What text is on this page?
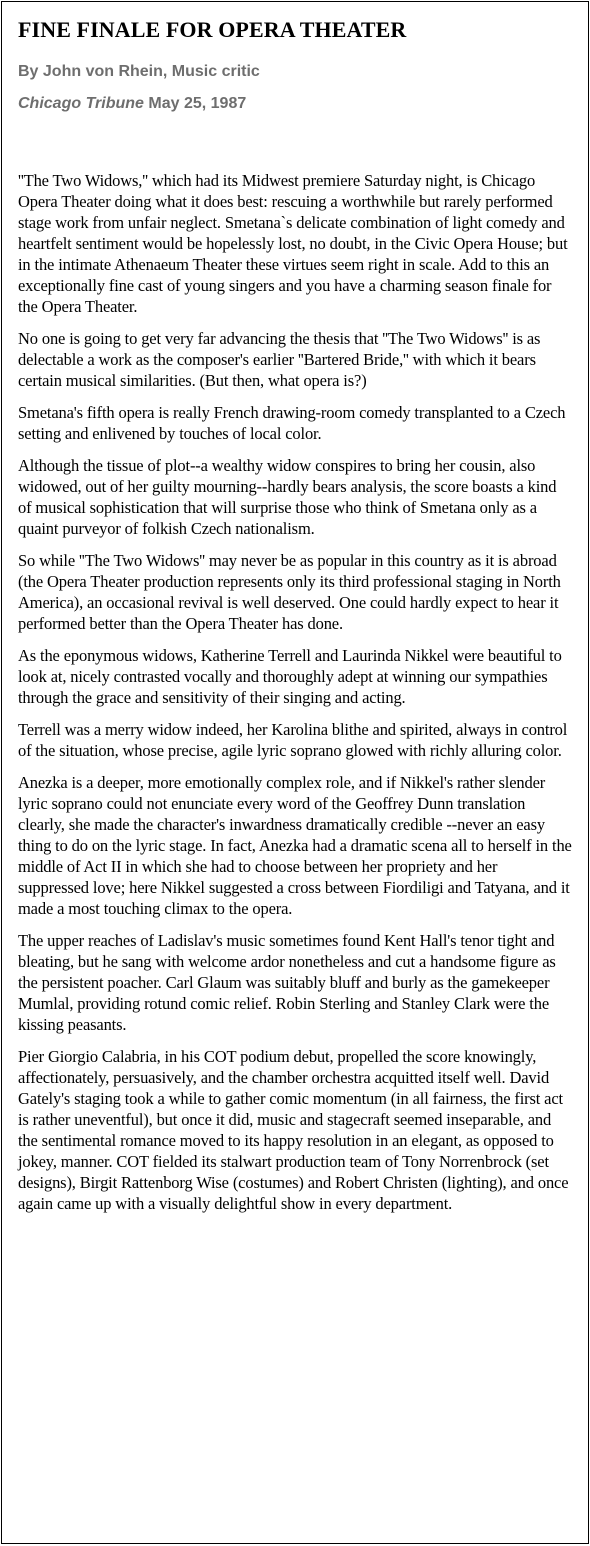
FINE FINALE FOR OPERA THEATER
By John von Rhein, Music critic
Chicago Tribune May 25, 1987

''The Two Widows,'' which had its Midwest premiere Saturday night, is Chicago Opera Theater doing what it does best: rescuing a worthwhile but rarely performed stage work from unfair neglect. Smetana`s delicate combination of light comedy and heartfelt sentiment would be hopelessly lost, no doubt, in the Civic Opera House; but in the intimate Athenaeum Theater these virtues seem right in scale. Add to this an exceptionally fine cast of young singers and you have a charming season finale for the Opera Theater.

No one is going to get very far advancing the thesis that ''The Two Widows'' is as delectable a work as the composer's earlier ''Bartered Bride,'' with which it bears certain musical similarities. (But then, what opera is?)

Smetana's fifth opera is really French drawing-room comedy transplanted to a Czech setting and enlivened by touches of local color.

Although the tissue of plot--a wealthy widow conspires to bring her cousin, also widowed, out of her guilty mourning--hardly bears analysis, the score boasts a kind of musical sophistication that will surprise those who think of Smetana only as a quaint purveyor of folkish Czech nationalism.

So while ''The Two Widows'' may never be as popular in this country as it is abroad (the Opera Theater production represents only its third professional staging in North America), an occasional revival is well deserved. One could hardly expect to hear it performed better than the Opera Theater has done.

As the eponymous widows, Katherine Terrell and Laurinda Nikkel were beautiful to look at, nicely contrasted vocally and thoroughly adept at winning our sympathies through the grace and sensitivity of their singing and acting.

Terrell was a merry widow indeed, her Karolina blithe and spirited, always in control of the situation, whose precise, agile lyric soprano glowed with richly alluring color.

Anezka is a deeper, more emotionally complex role, and if Nikkel's rather slender lyric soprano could not enunciate every word of the Geoffrey Dunn translation clearly, she made the character's inwardness dramatically credible --never an easy thing to do on the lyric stage. In fact, Anezka had a dramatic scena all to herself in the middle of Act II in which she had to choose between her propriety and her suppressed love; here Nikkel suggested a cross between Fiordiligi and Tatyana, and it made a most touching climax to the opera.

The upper reaches of Ladislav's music sometimes found Kent Hall's tenor tight and bleating, but he sang with welcome ardor nonetheless and cut a handsome figure as the persistent poacher. Carl Glaum was suitably bluff and burly as the gamekeeper Mumlal, providing rotund comic relief. Robin Sterling and Stanley Clark were the kissing peasants.

Pier Giorgio Calabria, in his COT podium debut, propelled the score knowingly, affectionately, persuasively, and the chamber orchestra acquitted itself well. David Gately's staging took a while to gather comic momentum (in all fairness, the first act is rather uneventful), but once it did, music and stagecraft seemed inseparable, and the sentimental romance moved to its happy resolution in an elegant, as opposed to jokey, manner. COT fielded its stalwart production team of Tony Norrenbrock (set designs), Birgit Rattenborg Wise (costumes) and Robert Christen (lighting), and once again came up with a visually delightful show in every department.
